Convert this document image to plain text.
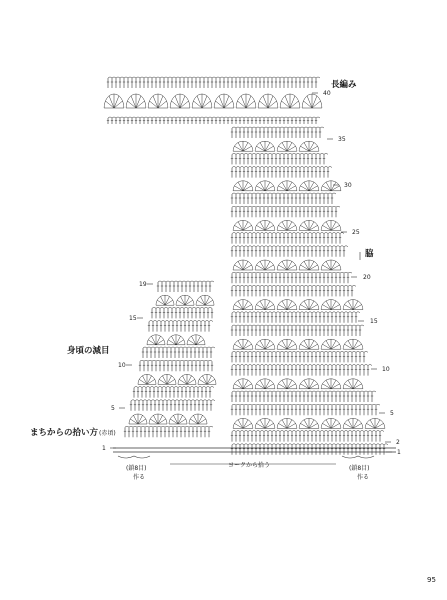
長編み
身頃の減目
脇
まちからの拾い方(赤頃)
ヨークから拾う
(鎖8目)
作る
(鎖8目)
作る
40
35
30
25
20
15
10
5
2
1
19
15
10
5
1
95
